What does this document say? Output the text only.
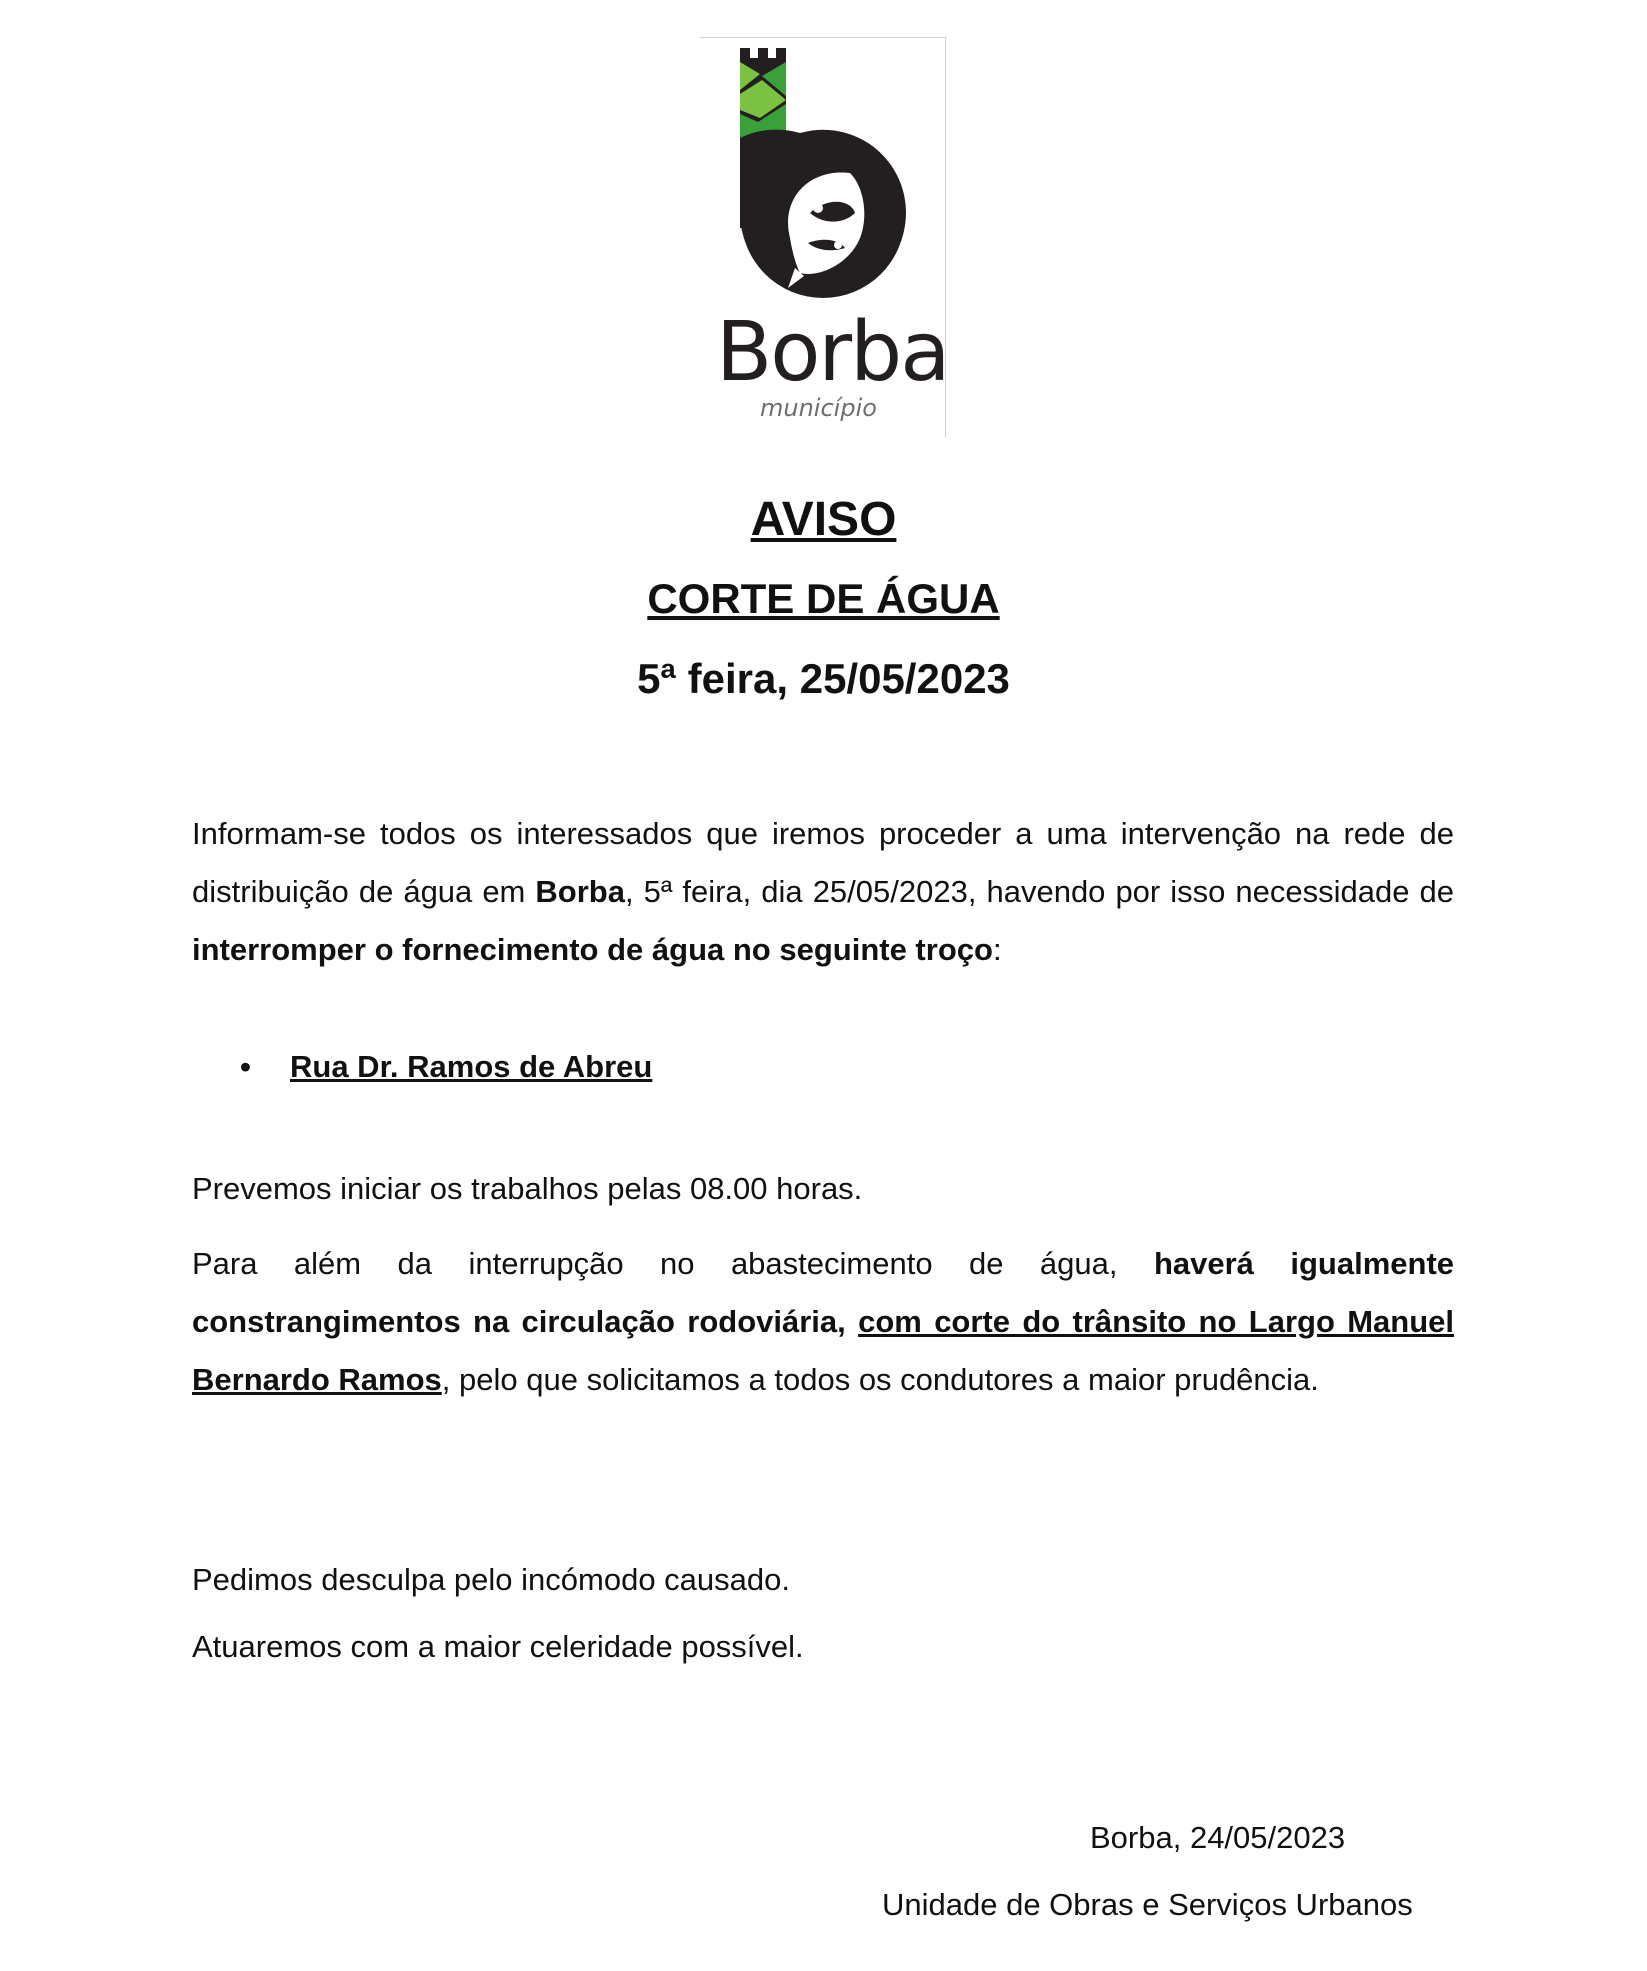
Borba
município
AVISO
CORTE DE ÁGUA
5ª feira, 25/05/2023

Informam-se todos os interessados que iremos proceder a uma intervenção na rede de distribuição de água em Borba, 5ª feira, dia 25/05/2023, havendo por isso necessidade de interromper o fornecimento de água no seguinte troço:

• Rua Dr. Ramos de Abreu

Prevemos iniciar os trabalhos pelas 08.00 horas.

Para além da interrupção no abastecimento de água, haverá igualmente constrangimentos na circulação rodoviária, com corte do trânsito no Largo Manuel Bernardo Ramos, pelo que solicitamos a todos os condutores a maior prudência.

Pedimos desculpa pelo incómodo causado.

Atuaremos com a maior celeridade possível.

Borba, 24/05/2023
Unidade de Obras e Serviços Urbanos
